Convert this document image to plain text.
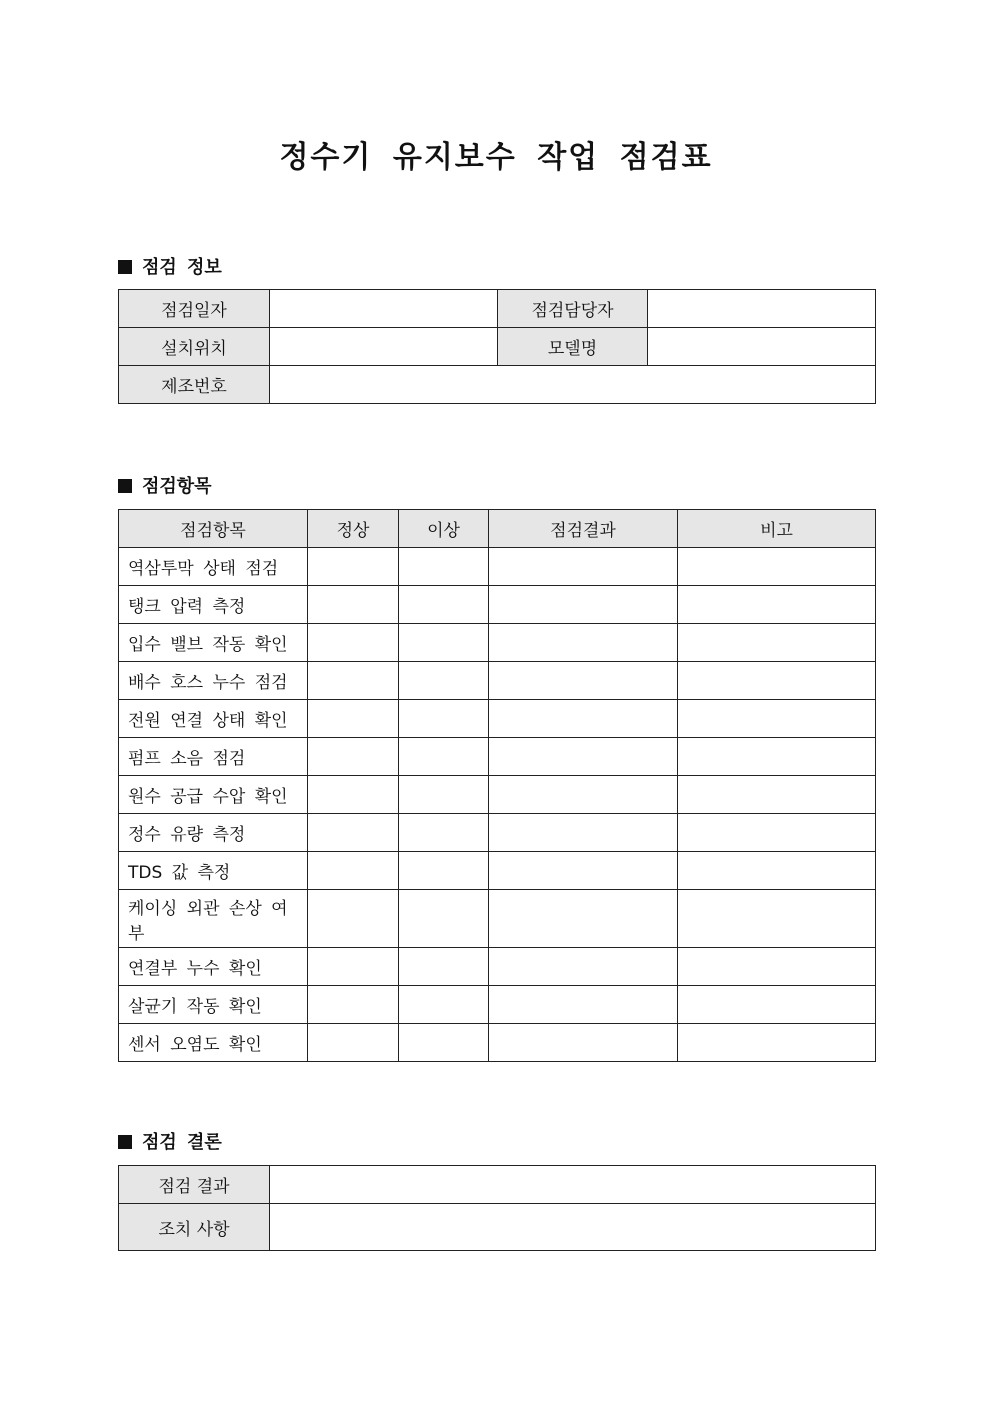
정수기 유지보수 작업 점검표
점검 정보
점검일자		점검담당자	
설치위치		모델명	
제조번호			
점검항목
점검항목	정상	이상	점검결과	비고
역삼투막 상태 점검				
탱크 압력 측정				
입수 밸브 작동 확인				
배수 호스 누수 점검				
전원 연결 상태 확인				
펌프 소음 점검				
원수 공급 수압 확인				
정수 유량 측정				
TDS 값 측정				
케이싱 외관 손상 여부				
연결부 누수 확인				
살균기 작동 확인				
센서 오염도 확인				
점검 결론
점검 결과	
조치 사항	
